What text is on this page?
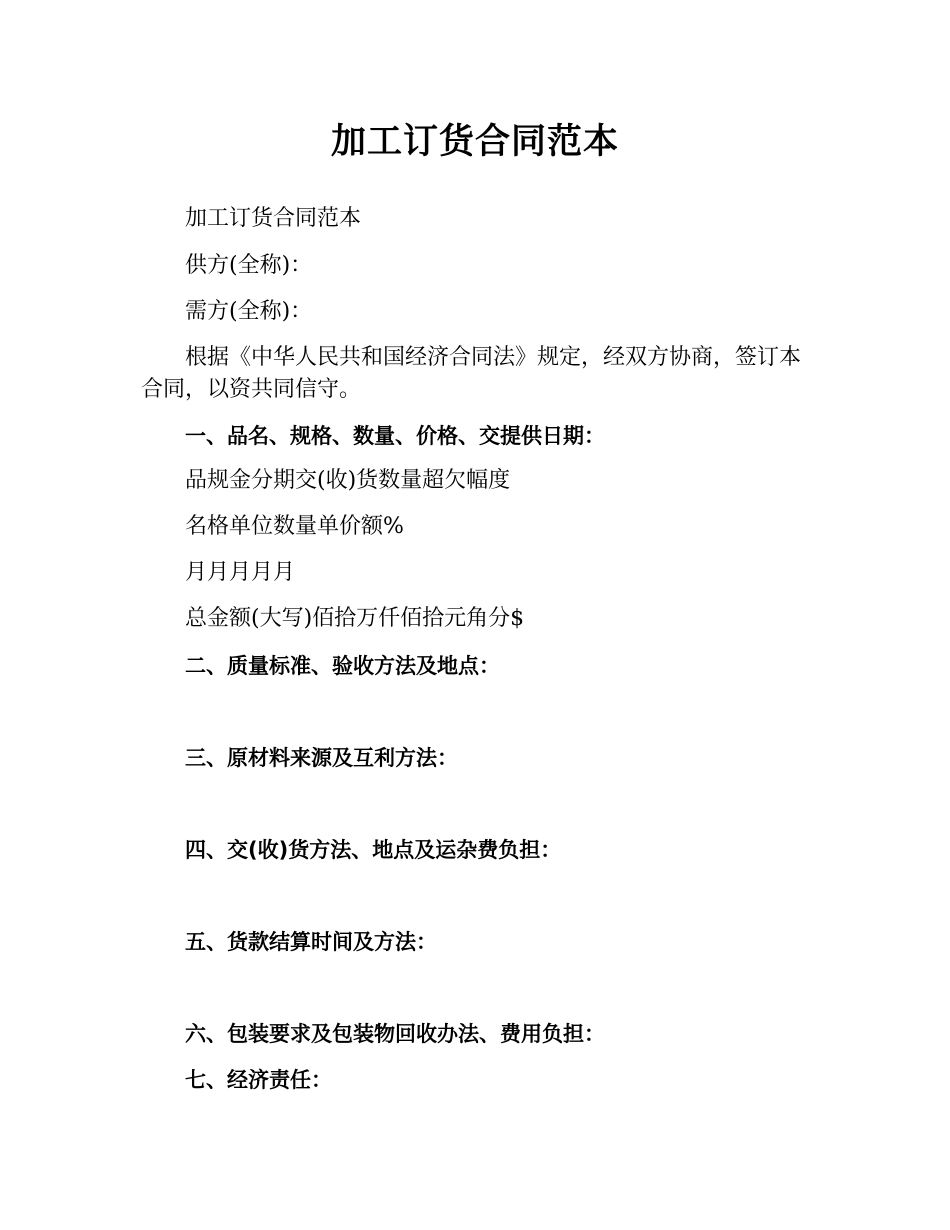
加工订货合同范本
加工订货合同范本
供方(全称)：
需方(全称)：
根据《中华人民共和国经济合同法》规定，经双方协商，签订本合同，以资共同信守。
一、品名、规格、数量、价格、交提供日期：
品规金分期交(收)货数量超欠幅度
名格单位数量单价额%
月月月月月
总金额(大写)佰拾万仟佰拾元角分$
二、质量标准、验收方法及地点：
三、原材料来源及互利方法：
四、交(收)货方法、地点及运杂费负担：
五、货款结算时间及方法：
六、包装要求及包装物回收办法、费用负担：
七、经济责任：
